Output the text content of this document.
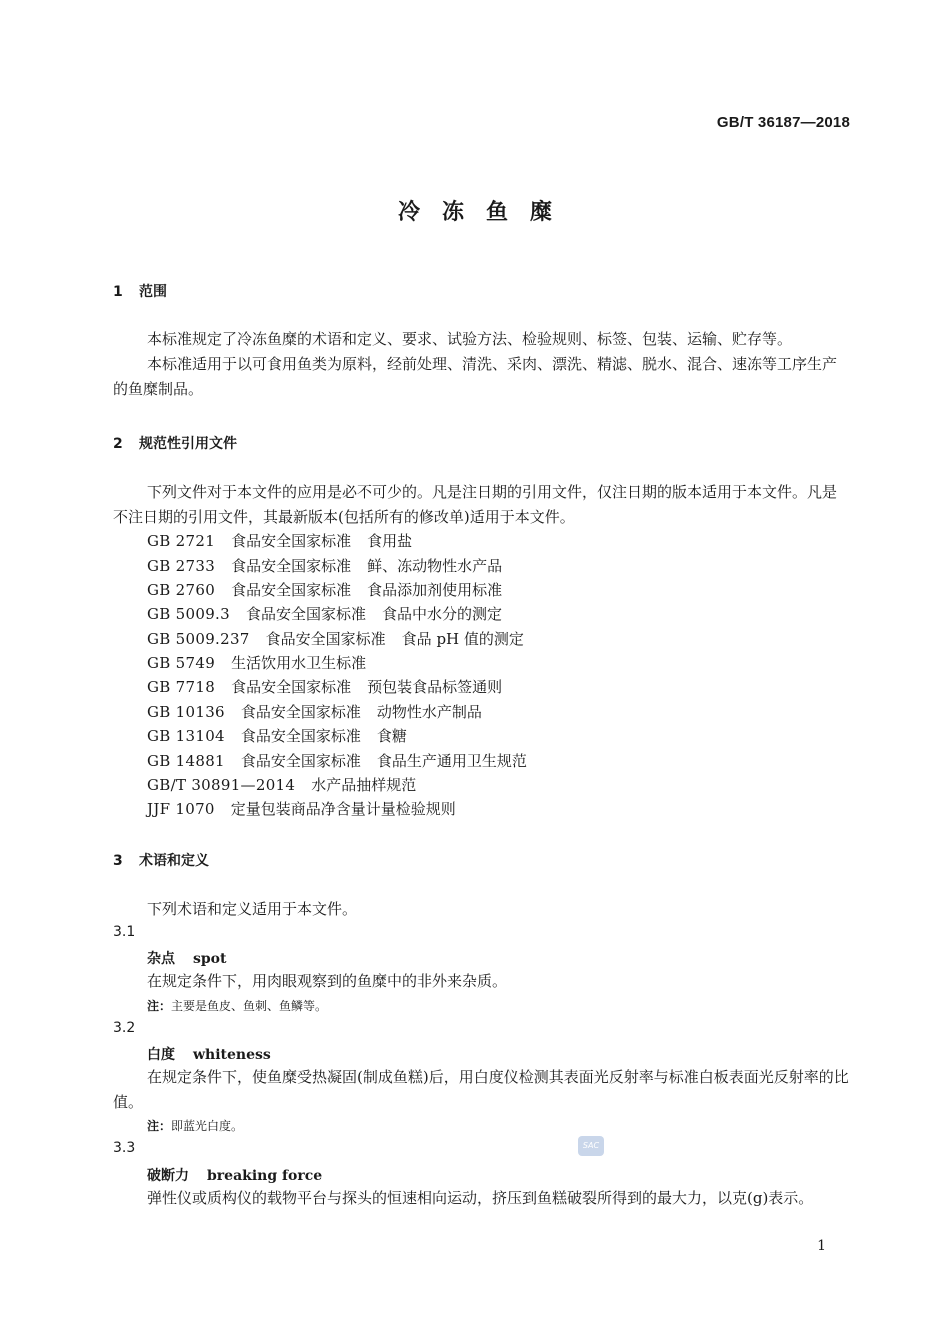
GB/T 36187—2018
冷冻鱼糜
1 范围
本标准规定了冷冻鱼糜的术语和定义、要求、试验方法、检验规则、标签、包装、运输、贮存等。
本标准适用于以可食用鱼类为原料，经前处理、清洗、采肉、漂洗、精滤、脱水、混合、速冻等工序生产的鱼糜制品。
2 规范性引用文件
下列文件对于本文件的应用是必不可少的。凡是注日期的引用文件，仅注日期的版本适用于本文件。凡是不注日期的引用文件，其最新版本(包括所有的修改单)适用于本文件。
GB 2721 食品安全国家标准 食用盐
GB 2733 食品安全国家标准 鲜、冻动物性水产品
GB 2760 食品安全国家标准 食品添加剂使用标准
GB 5009.3 食品安全国家标准 食品中水分的测定
GB 5009.237 食品安全国家标准 食品 pH 值的测定
GB 5749 生活饮用水卫生标准
GB 7718 食品安全国家标准 预包装食品标签通则
GB 10136 食品安全国家标准 动物性水产制品
GB 13104 食品安全国家标准 食糖
GB 14881 食品安全国家标准 食品生产通用卫生规范
GB/T 30891—2014 水产品抽样规范
JJF 1070 定量包装商品净含量计量检验规则
3 术语和定义
下列术语和定义适用于本文件。
3.1
杂点 spot
在规定条件下，用肉眼观察到的鱼糜中的非外来杂质。
注：主要是鱼皮、鱼刺、鱼鳞等。
3.2
白度 whiteness
在规定条件下，使鱼糜受热凝固(制成鱼糕)后，用白度仪检测其表面光反射率与标准白板表面光反射率的比值。
注：即蓝光白度。
3.3
破断力 breaking force
弹性仪或质构仪的载物平台与探头的恒速相向运动，挤压到鱼糕破裂所得到的最大力，以克(g)表示。
SAC
1
